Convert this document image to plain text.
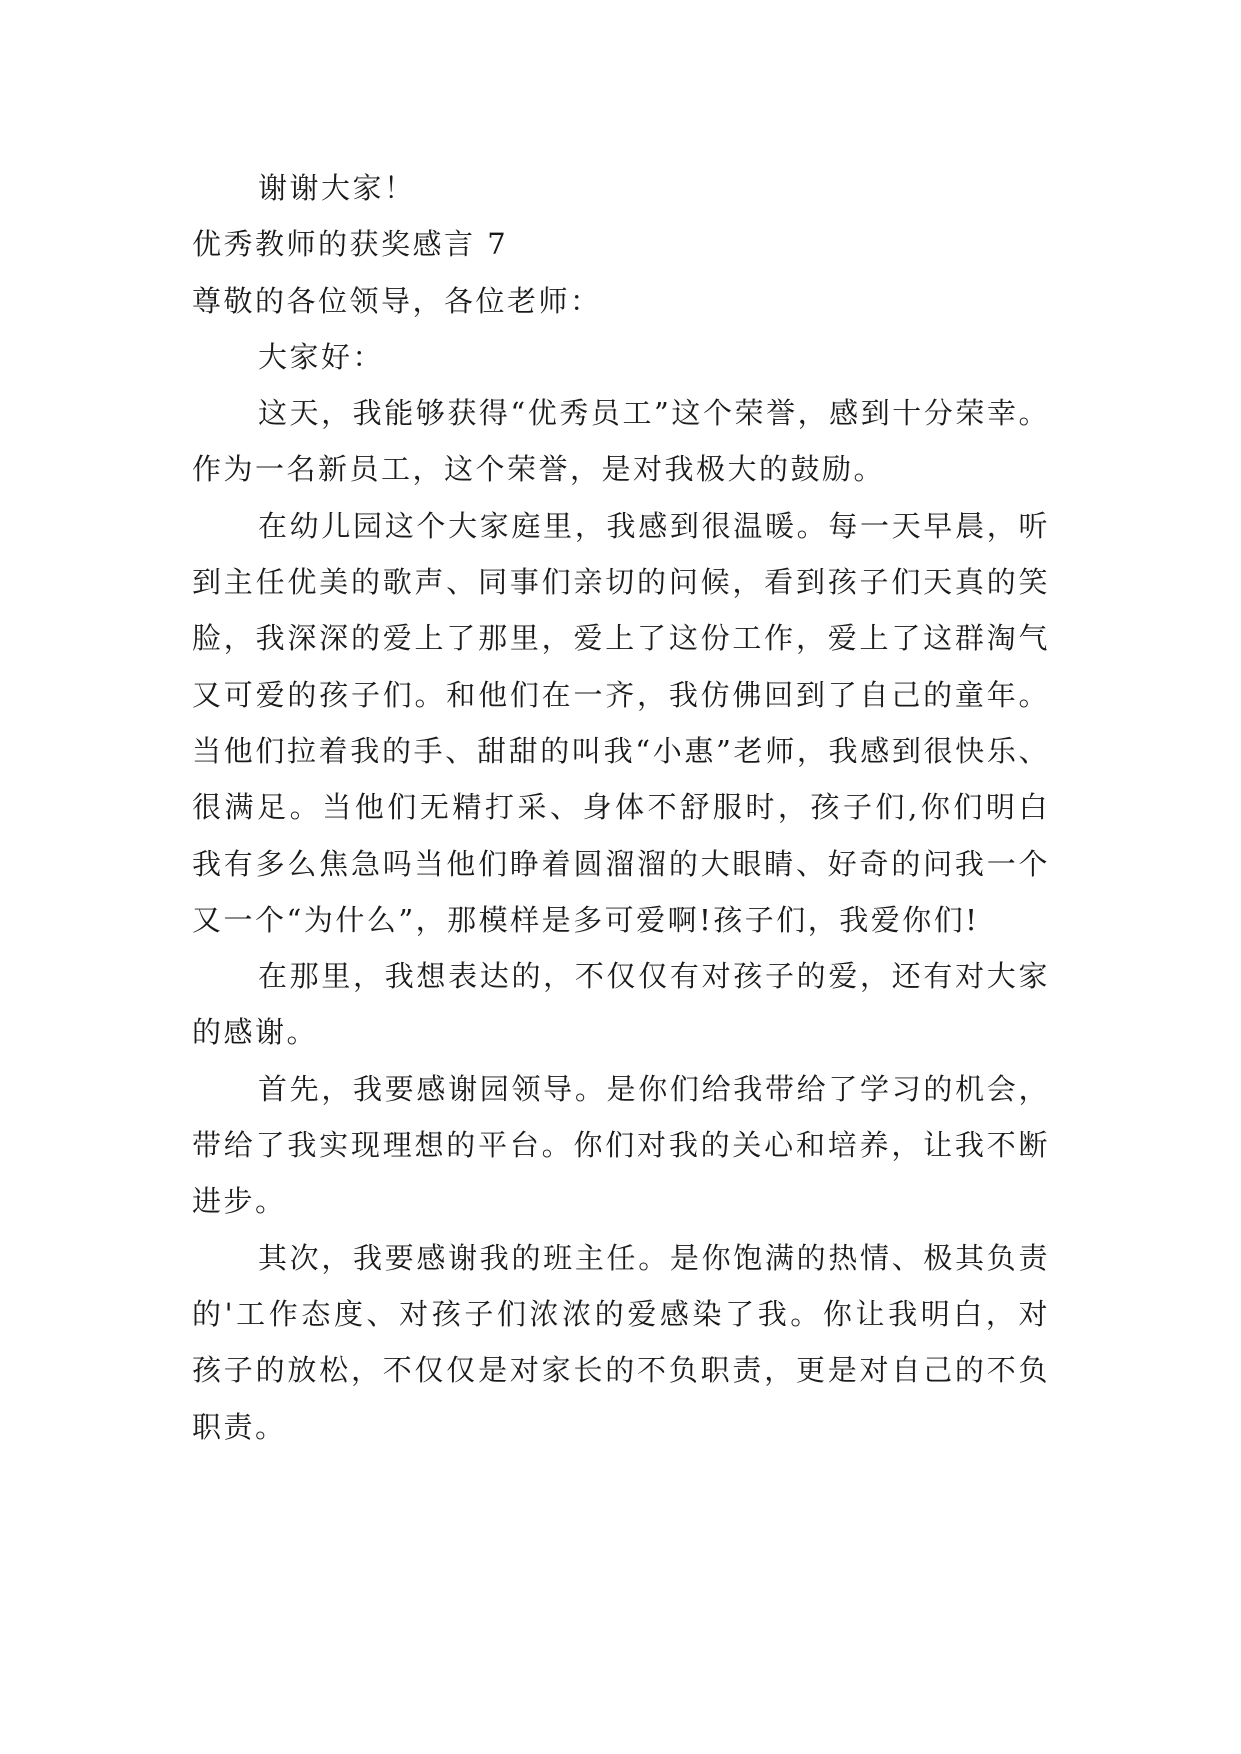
谢谢大家！

优秀教师的获奖感言 7

尊敬的各位领导，各位老师：

大家好：

这天，我能够获得“优秀员工”这个荣誉，感到十分荣幸。作为一名新员工，这个荣誉，是对我极大的鼓励。

在幼儿园这个大家庭里，我感到很温暖。每一天早晨，听到主任优美的歌声、同事们亲切的问候，看到孩子们天真的笑脸，我深深的爱上了那里，爱上了这份工作，爱上了这群淘气又可爱的孩子们。和他们在一齐，我仿佛回到了自己的童年。当他们拉着我的手、甜甜的叫我“小惠”老师，我感到很快乐、很满足。当他们无精打采、身体不舒服时，孩子们,你们明白我有多么焦急吗当他们睁着圆溜溜的大眼睛、好奇的问我一个又一个“为什么”，那模样是多可爱啊!孩子们，我爱你们!

在那里，我想表达的，不仅仅有对孩子的爱，还有对大家的感谢。

首先，我要感谢园领导。是你们给我带给了学习的机会，带给了我实现理想的平台。你们对我的关心和培养，让我不断进步。

其次，我要感谢我的班主任。是你饱满的热情、极其负责的'工作态度、对孩子们浓浓的爱感染了我。你让我明白，对孩子的放松，不仅仅是对家长的不负职责，更是对自己的不负职责。
